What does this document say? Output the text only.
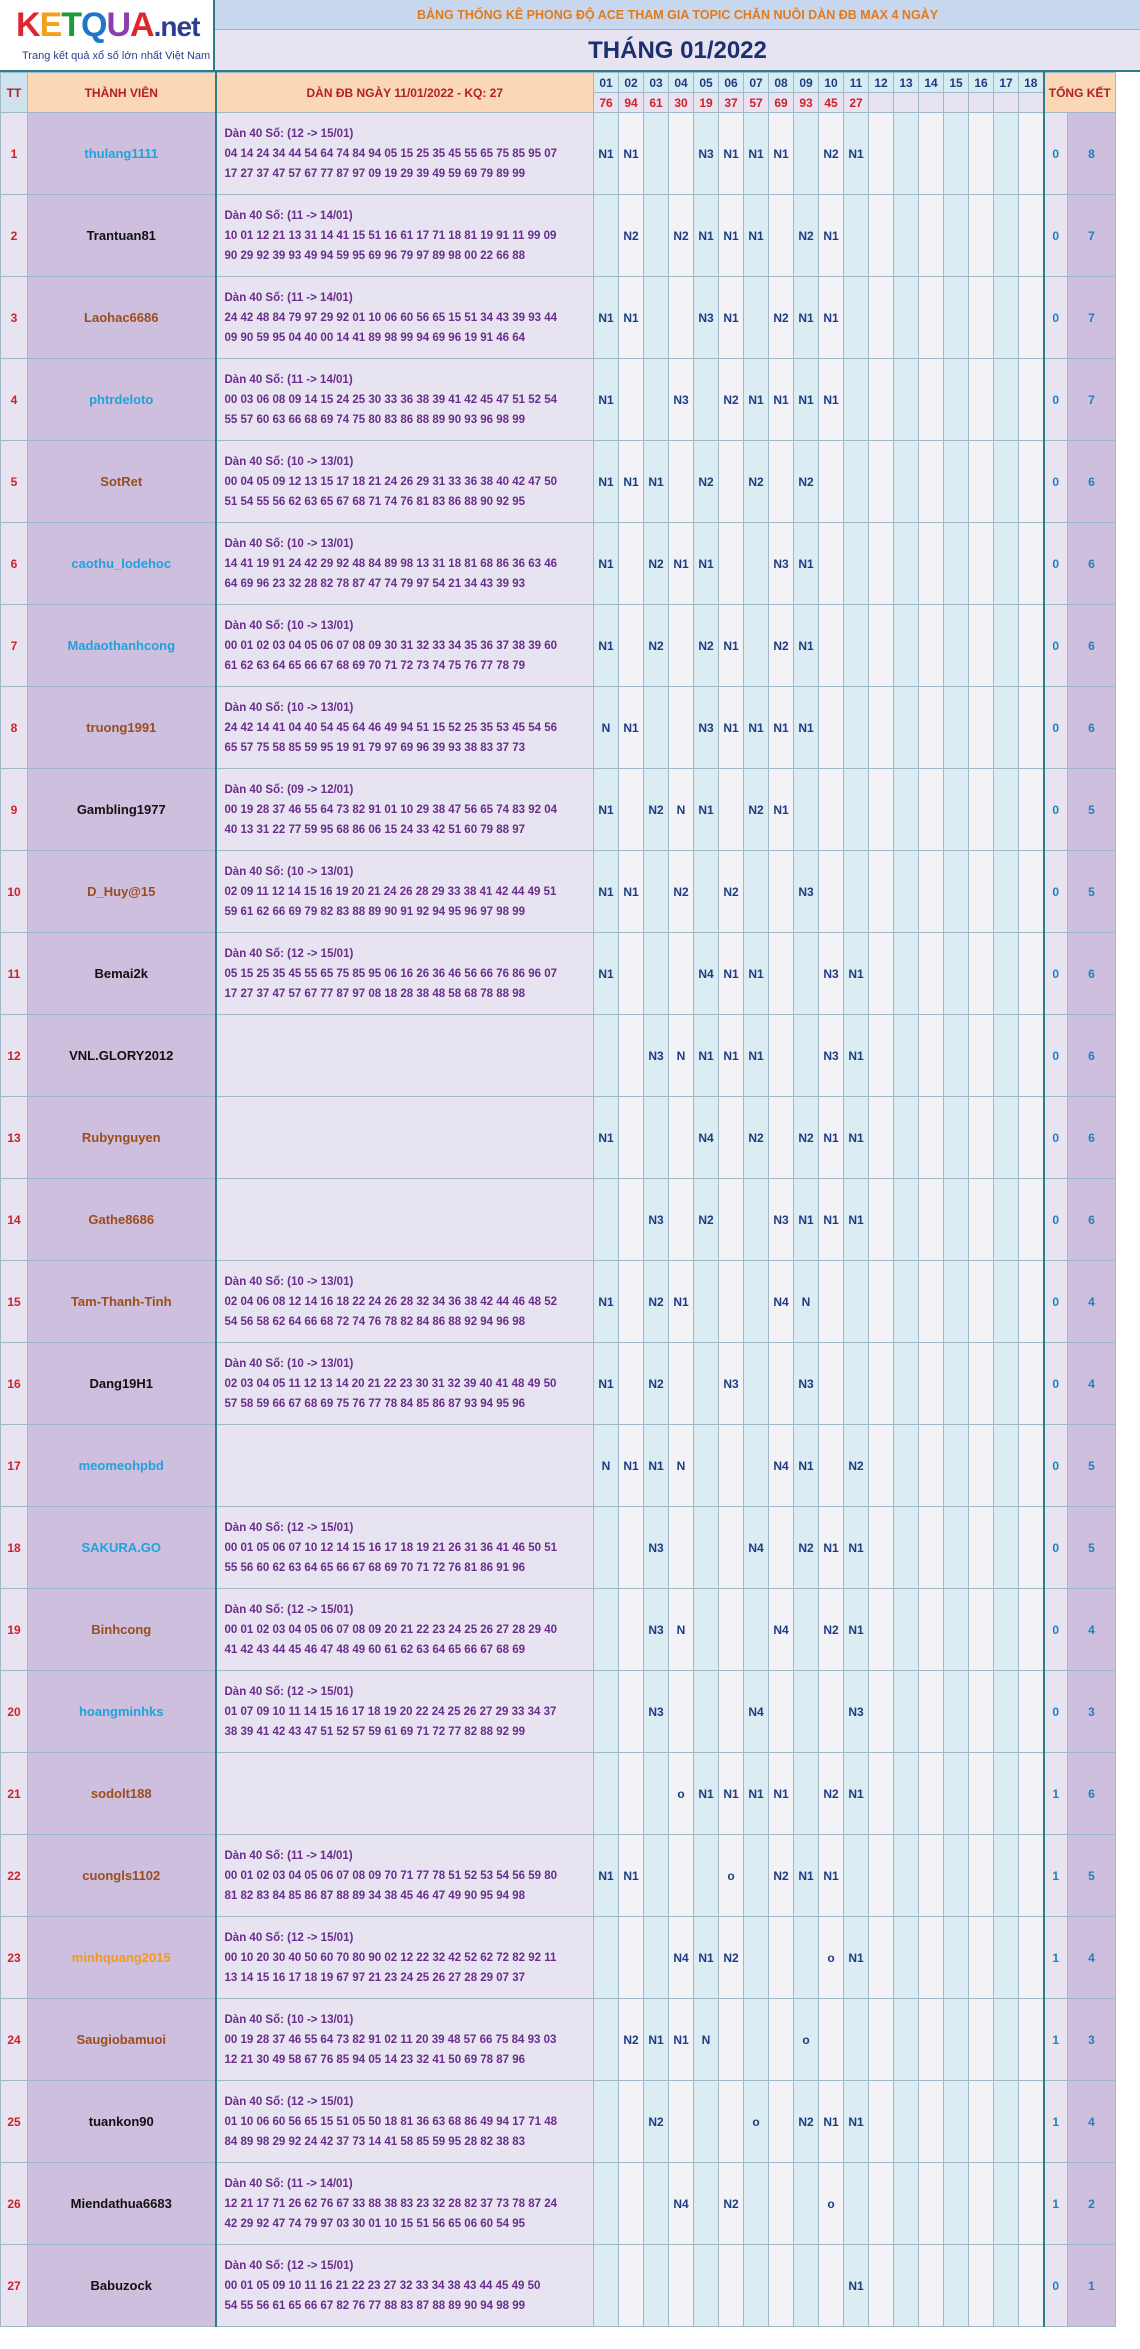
KETQUA.net
Trang kết quả xổ số lớn nhất Việt Nam
BẢNG THỐNG KÊ PHONG ĐỘ ACE THAM GIA TOPIC CHĂN NUÔI DÀN ĐB MAX 4 NGÀY
THÁNG 01/2022
TT	THÀNH VIÊN	DÀN ĐB NGÀY 11/01/2022 - KQ: 27	01	02	03	04	05	06	07	08	09	10	11	12	13	14	15	16	17	18	TỔNG KẾT	
			76	94	61	30	19	37	57	69	93	45	27									
1	thulang1111	Dàn 40 Số: (12 -> 15/01)
04 14 24 34 44 54 64 74 84 94 05 15 25 35 45 55 65 75 85 95 07
17 27 37 47 57 67 77 87 97 09 19 29 39 49 59 69 79 89 99	N1	N1			N3	N1	N1	N1		N2	N1								0	8
2	Trantuan81	Dàn 40 Số: (11 -> 14/01)
10 01 12 21 13 31 14 41 15 51 16 61 17 71 18 81 19 91 11 99 09
90 29 92 39 93 49 94 59 95 69 96 79 97 89 98 00 22 66 88		N2		N2	N1	N1	N1		N2	N1									0	7
3	Laohac6686	Dàn 40 Số: (11 -> 14/01)
24 42 48 84 79 97 29 92 01 10 06 60 56 65 15 51 34 43 39 93 44
09 90 59 95 04 40 00 14 41 89 98 99 94 69 96 19 91 46 64	N1	N1			N3	N1		N2	N1	N1									0	7
4	phtrdeloto	Dàn 40 Số: (11 -> 14/01)
00 03 06 08 09 14 15 24 25 30 33 36 38 39 41 42 45 47 51 52 54
55 57 60 63 66 68 69 74 75 80 83 86 88 89 90 93 96 98 99	N1			N3		N2	N1	N1	N1	N1									0	7
5	SotRet	Dàn 40 Số: (10 -> 13/01)
00 04 05 09 12 13 15 17 18 21 24 26 29 31 33 36 38 40 42 47 50
51 54 55 56 62 63 65 67 68 71 74 76 81 83 86 88 90 92 95	N1	N1	N1		N2		N2		N2										0	6
6	caothu_lodehoc	Dàn 40 Số: (10 -> 13/01)
14 41 19 91 24 42 29 92 48 84 89 98 13 31 18 81 68 86 36 63 46
64 69 96 23 32 28 82 78 87 47 74 79 97 54 21 34 43 39 93	N1		N2	N1	N1			N3	N1										0	6
7	Madaothanhcong	Dàn 40 Số: (10 -> 13/01)
00 01 02 03 04 05 06 07 08 09 30 31 32 33 34 35 36 37 38 39 60
61 62 63 64 65 66 67 68 69 70 71 72 73 74 75 76 77 78 79	N1		N2		N2	N1		N2	N1										0	6
8	truong1991	Dàn 40 Số: (10 -> 13/01)
24 42 14 41 04 40 54 45 64 46 49 94 51 15 52 25 35 53 45 54 56
65 57 75 58 85 59 95 19 91 79 97 69 96 39 93 38 83 37 73	N	N1			N3	N1	N1	N1	N1										0	6
9	Gambling1977	Dàn 40 Số: (09 -> 12/01)
00 19 28 37 46 55 64 73 82 91 01 10 29 38 47 56 65 74 83 92 04
40 13 31 22 77 59 95 68 86 06 15 24 33 42 51 60 79 88 97	N1		N2	N	N1		N2	N1											0	5
10	D_Huy@15	Dàn 40 Số: (10 -> 13/01)
02 09 11 12 14 15 16 19 20 21 24 26 28 29 33 38 41 42 44 49 51
59 61 62 66 69 79 82 83 88 89 90 91 92 94 95 96 97 98 99	N1	N1		N2		N2			N3										0	5
11	Bemai2k	Dàn 40 Số: (12 -> 15/01)
05 15 25 35 45 55 65 75 85 95 06 16 26 36 46 56 66 76 86 96 07
17 27 37 47 57 67 77 87 97 08 18 28 38 48 58 68 78 88 98	N1				N4	N1	N1			N3	N1								0	6
12	VNL.GLORY2012				N3	N	N1	N1	N1			N3	N1								0	6
13	Rubynguyen		N1				N4		N2		N2	N1	N1								0	6
14	Gathe8686				N3		N2			N3	N1	N1	N1								0	6
15	Tam-Thanh-Tinh	Dàn 40 Số: (10 -> 13/01)
02 04 06 08 12 14 16 18 22 24 26 28 32 34 36 38 42 44 46 48 52
54 56 58 62 64 66 68 72 74 76 78 82 84 86 88 92 94 96 98	N1		N2	N1				N4	N										0	4
16	Dang19H1	Dàn 40 Số: (10 -> 13/01)
02 03 04 05 11 12 13 14 20 21 22 23 30 31 32 39 40 41 48 49 50
57 58 59 66 67 68 69 75 76 77 78 84 85 86 87 93 94 95 96	N1		N2			N3			N3										0	4
17	meomeohpbd		N	N1	N1	N				N4	N1		N2								0	5
18	SAKURA.GO	Dàn 40 Số: (12 -> 15/01)
00 01 05 06 07 10 12 14 15 16 17 18 19 21 26 31 36 41 46 50 51
55 56 60 62 63 64 65 66 67 68 69 70 71 72 76 81 86 91 96			N3				N4		N2	N1	N1								0	5
19	Binhcong	Dàn 40 Số: (12 -> 15/01)
00 01 02 03 04 05 06 07 08 09 20 21 22 23 24 25 26 27 28 29 40
41 42 43 44 45 46 47 48 49 60 61 62 63 64 65 66 67 68 69			N3	N				N4		N2	N1								0	4
20	hoangminhks	Dàn 40 Số: (12 -> 15/01)
01 07 09 10 11 14 15 16 17 18 19 20 22 24 25 26 27 29 33 34 37
38 39 41 42 43 47 51 52 57 59 61 69 71 72 77 82 88 92 99			N3				N4				N3								0	3
21	sodolt188					o	N1	N1	N1	N1		N2	N1								1	6
22	cuongls1102	Dàn 40 Số: (11 -> 14/01)
00 01 02 03 04 05 06 07 08 09 70 71 77 78 51 52 53 54 56 59 80
81 82 83 84 85 86 87 88 89 34 38 45 46 47 49 90 95 94 98	N1	N1				o		N2	N1	N1									1	5
23	minhquang2015	Dàn 40 Số: (12 -> 15/01)
00 10 20 30 40 50 60 70 80 90 02 12 22 32 42 52 62 72 82 92 11
13 14 15 16 17 18 19 67 97 21 23 24 25 26 27 28 29 07 37				N4	N1	N2				o	N1								1	4
24	Saugiobamuoi	Dàn 40 Số: (10 -> 13/01)
00 19 28 37 46 55 64 73 82 91 02 11 20 39 48 57 66 75 84 93 03
12 21 30 49 58 67 76 85 94 05 14 23 32 41 50 69 78 87 96		N2	N1	N1	N				o										1	3
25	tuankon90	Dàn 40 Số: (12 -> 15/01)
01 10 06 60 56 65 15 51 05 50 18 81 36 63 68 86 49 94 17 71 48
84 89 98 29 92 24 42 37 73 14 41 58 85 59 95 28 82 38 83			N2				o		N2	N1	N1								1	4
26	Miendathua6683	Dàn 40 Số: (11 -> 14/01)
12 21 17 71 26 62 76 67 33 88 38 83 23 32 28 82 37 73 78 87 24
42 29 92 47 74 79 97 03 30 01 10 15 51 56 65 06 60 54 95				N4		N2				o									1	2
27	Babuzock	Dàn 40 Số: (12 -> 15/01)
00 01 05 09 10 11 16 21 22 23 27 32 33 34 38 43 44 45 49 50
54 55 56 61 65 66 67 82 76 77 88 83 87 88 89 90 94 98 99											N1								0	1
